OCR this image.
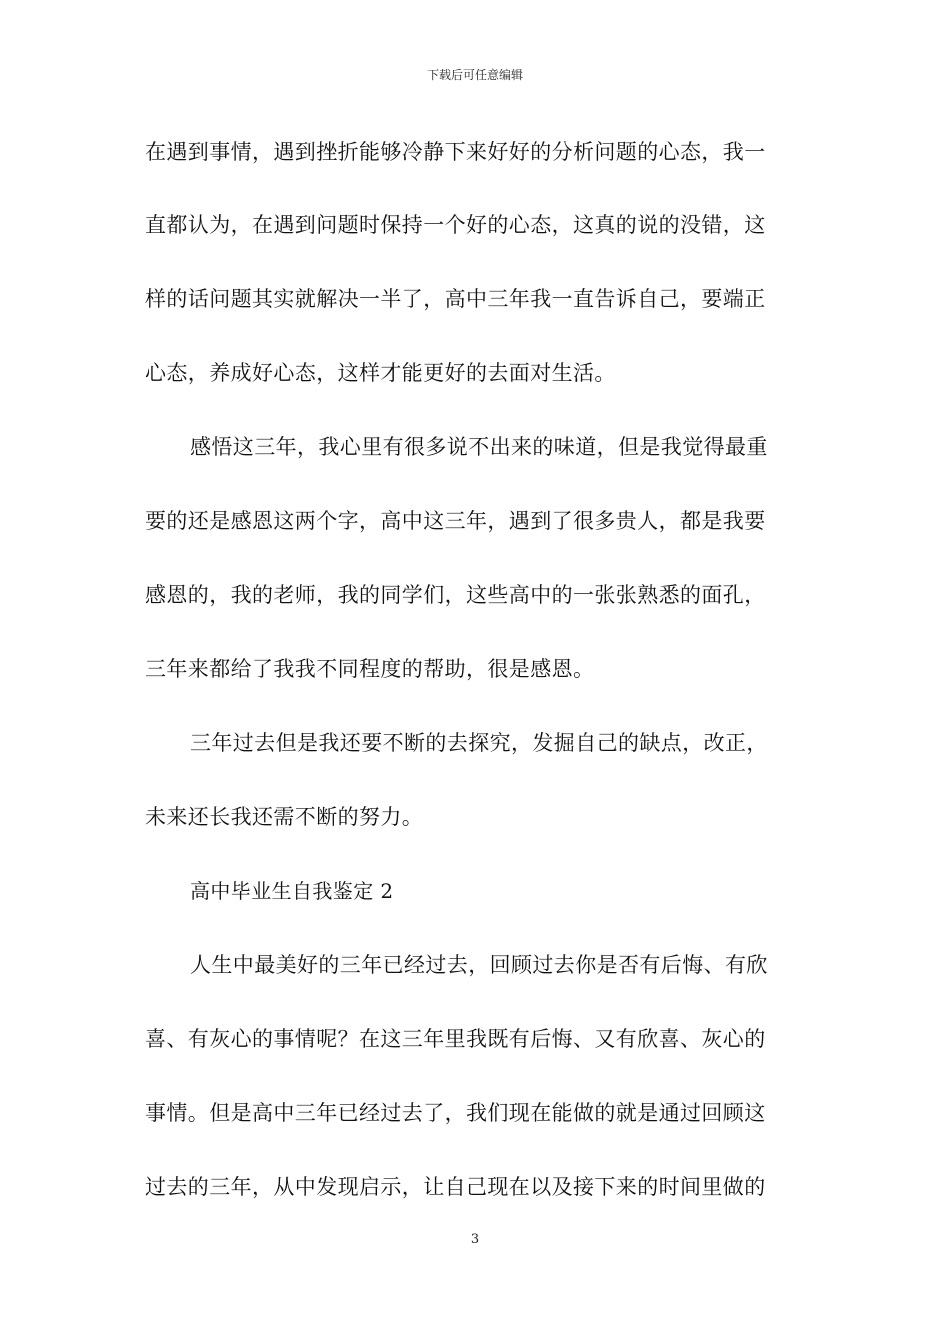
下载后可任意编辑
在遇到事情，遇到挫折能够冷静下来好好的分析问题的心态，我一
直都认为，在遇到问题时保持一个好的心态，这真的说的没错，这
样的话问题其实就解决一半了，高中三年我一直告诉自己，要端正
心态，养成好心态，这样才能更好的去面对生活。
感悟这三年，我心里有很多说不出来的味道，但是我觉得最重
要的还是感恩这两个字，高中这三年，遇到了很多贵人，都是我要
感恩的，我的老师，我的同学们，这些高中的一张张熟悉的面孔，
三年来都给了我我不同程度的帮助，很是感恩。
三年过去但是我还要不断的去探究，发掘自己的缺点，改正，
未来还长我还需不断的努力。
高中毕业生自我鉴定 2
人生中最美好的三年已经过去，回顾过去你是否有后悔、有欣
喜、有灰心的事情呢？在这三年里我既有后悔、又有欣喜、灰心的
事情。但是高中三年已经过去了，我们现在能做的就是通过回顾这
过去的三年，从中发现启示，让自己现在以及接下来的时间里做的
3
